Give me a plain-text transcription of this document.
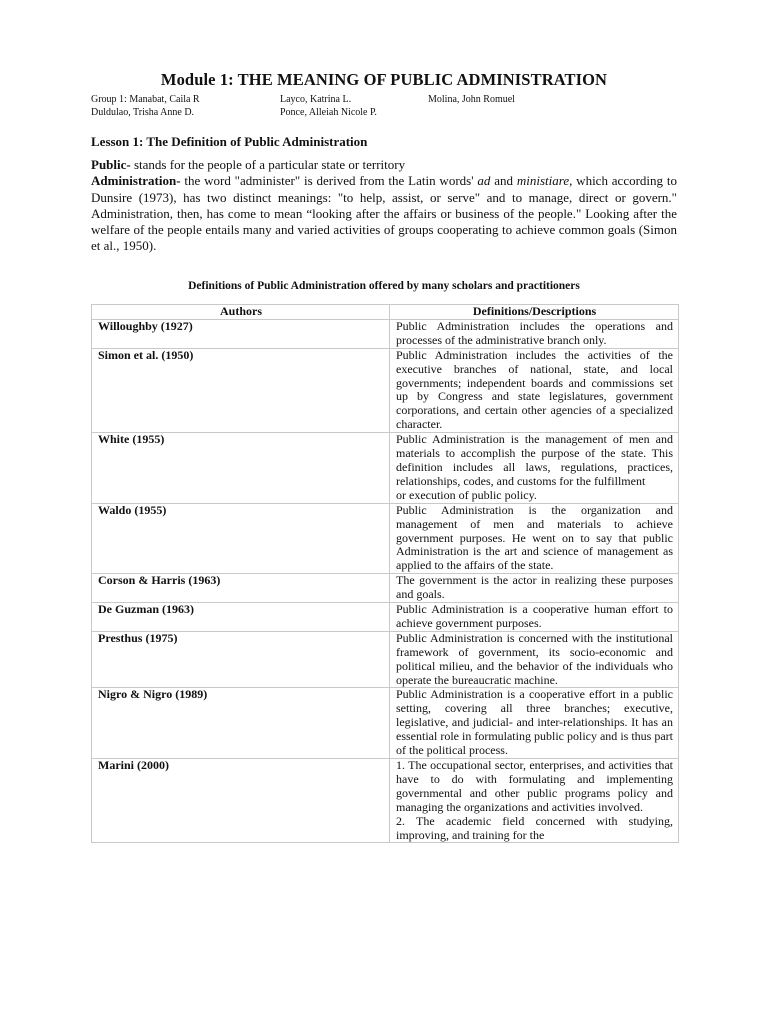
Module 1: THE MEANING OF PUBLIC ADMINISTRATION
Group 1: Manabat, Caila R	Layco, Katrina L.	Molina, John Romuel
Duldulao, Trisha Anne D.	Ponce, Alleiah Nicole P.
Lesson 1: The Definition of Public Administration

Public- stands for the people of a particular state or territory

Administration- the word "administer" is derived from the Latin words' ad and ministiare, which according to Dunsire (1973), has two distinct meanings: "to help, assist, or serve" and to manage, direct or govern." Administration, then, has come to mean “looking after the affairs or business of the people." Looking after the welfare of the people entails many and varied activities of groups cooperating to achieve common goals (Simon et al., 1950).

Definitions of Public Administration offered by many scholars and practitioners
Authors	Definitions/Descriptions
Willoughby (1927)	Public Administration includes the operations and processes of the administrative branch only.
Simon et al. (1950)	Public Administration includes the activities of the executive branches of national, state, and local governments; independent boards and commissions set up by Congress and state legislatures, government corporations, and certain other agencies of a specialized character.
White (1955)	Public Administration is the management of men and materials to accomplish the purpose of the state. This definition includes all laws, regulations, practices, relationships, codes, and customs for the fulfillment
or execution of public policy.
Waldo (1955)	Public Administration is the organization and management of men and materials to achieve government purposes. He went on to say that public Administration is the art and science of management as applied to the affairs of the state.
Corson & Harris (1963)	The government is the actor in realizing these purposes and goals.
De Guzman (1963)	Public Administration is a cooperative human effort to achieve government purposes.
Presthus (1975)	Public Administration is concerned with the institutional framework of government, its socio-economic and political milieu, and the behavior of the individuals who operate the bureaucratic machine.
Nigro & Nigro (1989)	Public Administration is a cooperative effort in a public setting, covering all three branches; executive, legislative, and judicial- and inter-relationships. It has an essential role in formulating public policy and is thus part of the political process.
Marini (2000)	1. The occupational sector, enterprises, and activities that have to do with formulating and implementing governmental and other public programs policy and managing the organizations and activities involved.
2. The academic field concerned with studying, improving, and training for the
